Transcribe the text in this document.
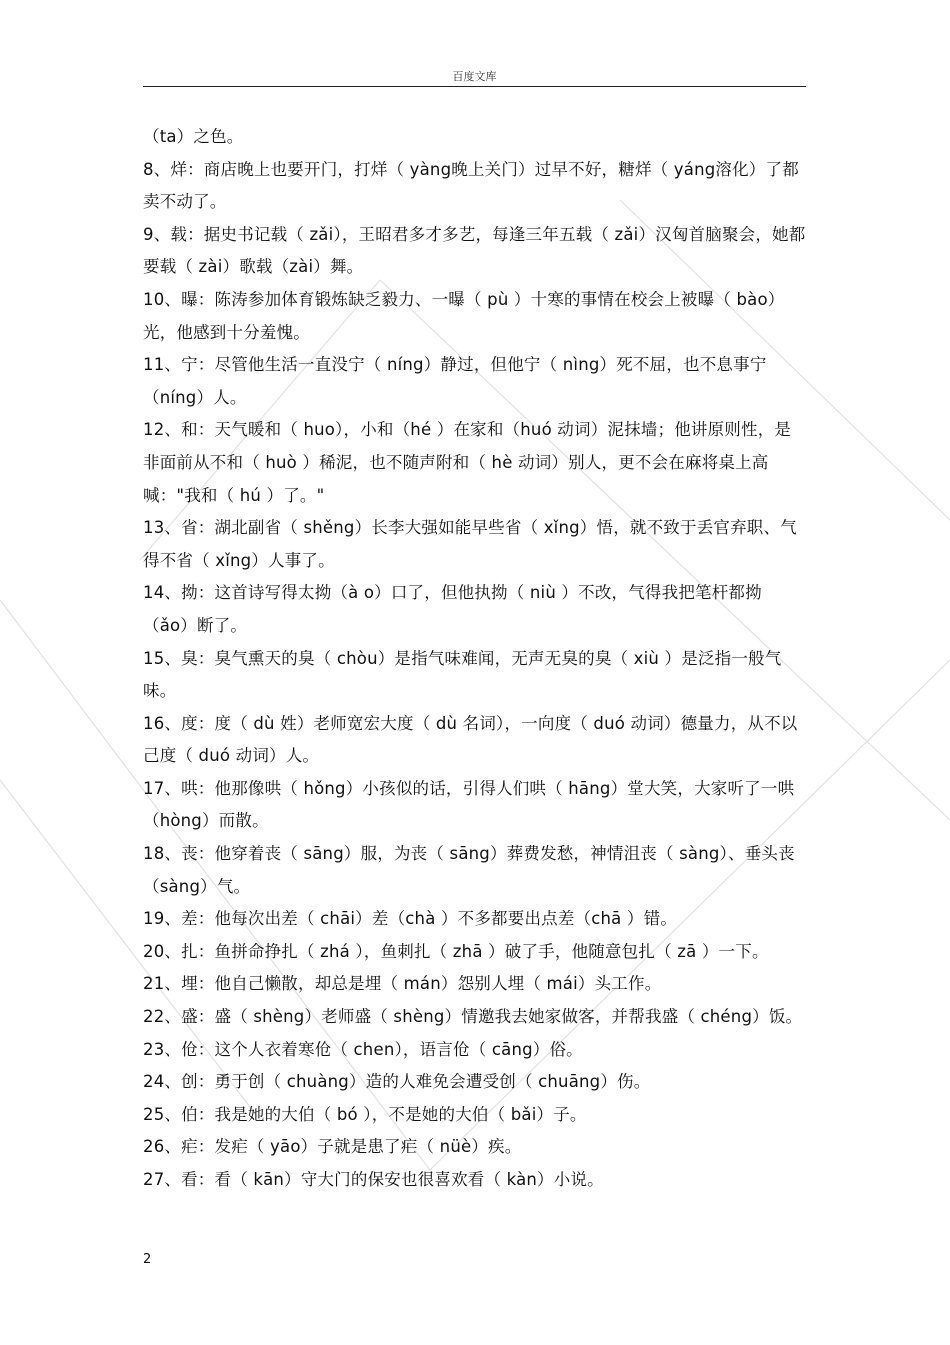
百度文库

（ta）之色。

8、烊：商店晚上也要开门，打烊（ yàng晚上关门）过早不好，糖烊（ yáng溶化）了都卖不动了。

9、载：据史书记载（ zǎi），王昭君多才多艺，每逢三年五载（ zǎi）汉匈首脑聚会，她都要载（ zài）歌载（zài）舞。

10、曝：陈涛参加体育锻炼缺乏毅力、一曝（ pù ）十寒的事情在校会上被曝（ bào）光，他感到十分羞愧。

11、宁：尽管他生活一直没宁（ níng）静过，但他宁（ nìng）死不屈，也不息事宁（níng）人。

12、和：天气暖和（ huo），小和（hé ）在家和（huó 动词）泥抹墙；他讲原则性，是非面前从不和（ huò ）稀泥，也不随声附和（ hè 动词）别人，更不会在麻将桌上高喊："我和（ hú ）了。"

13、省：湖北副省（ shěng）长李大强如能早些省（ xǐng）悟，就不致于丢官弃职、气得不省（ xǐng）人事了。

14、拗：这首诗写得太拗（à o）口了，但他执拗（ niù ）不改，气得我把笔杆都拗（ǎo）断了。

15、臭：臭气熏天的臭（ chòu）是指气味难闻，无声无臭的臭（ xiù ）是泛指一般气味。

16、度：度（ dù 姓）老师宽宏大度（ dù 名词），一向度（ duó 动词）德量力，从不以己度（ duó 动词）人。

17、哄：他那像哄（ hǒng）小孩似的话，引得人们哄（ hāng）堂大笑，大家听了一哄（hòng）而散。

18、丧：他穿着丧（ sāng）服，为丧（ sāng）葬费发愁，神情沮丧（ sàng）、垂头丧（sàng）气。

19、差：他每次出差（ chāi）差（chà ）不多都要出点差（chā ）错。

20、扎：鱼拼命挣扎（ zhá ），鱼刺扎（ zhā ）破了手，他随意包扎（ zā ）一下。

21、埋：他自己懒散，却总是埋（ mán）怨别人埋（ mái）头工作。

22、盛：盛（ shèng）老师盛（ shèng）情邀我去她家做客，并帮我盛（ chéng）饭。

23、伧：这个人衣着寒伧（ chen），语言伧（ cāng）俗。

24、创：勇于创（ chuàng）造的人难免会遭受创（ chuāng）伤。

25、伯：我是她的大伯（ bó ），不是她的大伯（ bǎi）子。

26、疟：发疟（ yāo）子就是患了疟（ nüè）疾。

27、看：看（ kān）守大门的保安也很喜欢看（ kàn）小说。

2
